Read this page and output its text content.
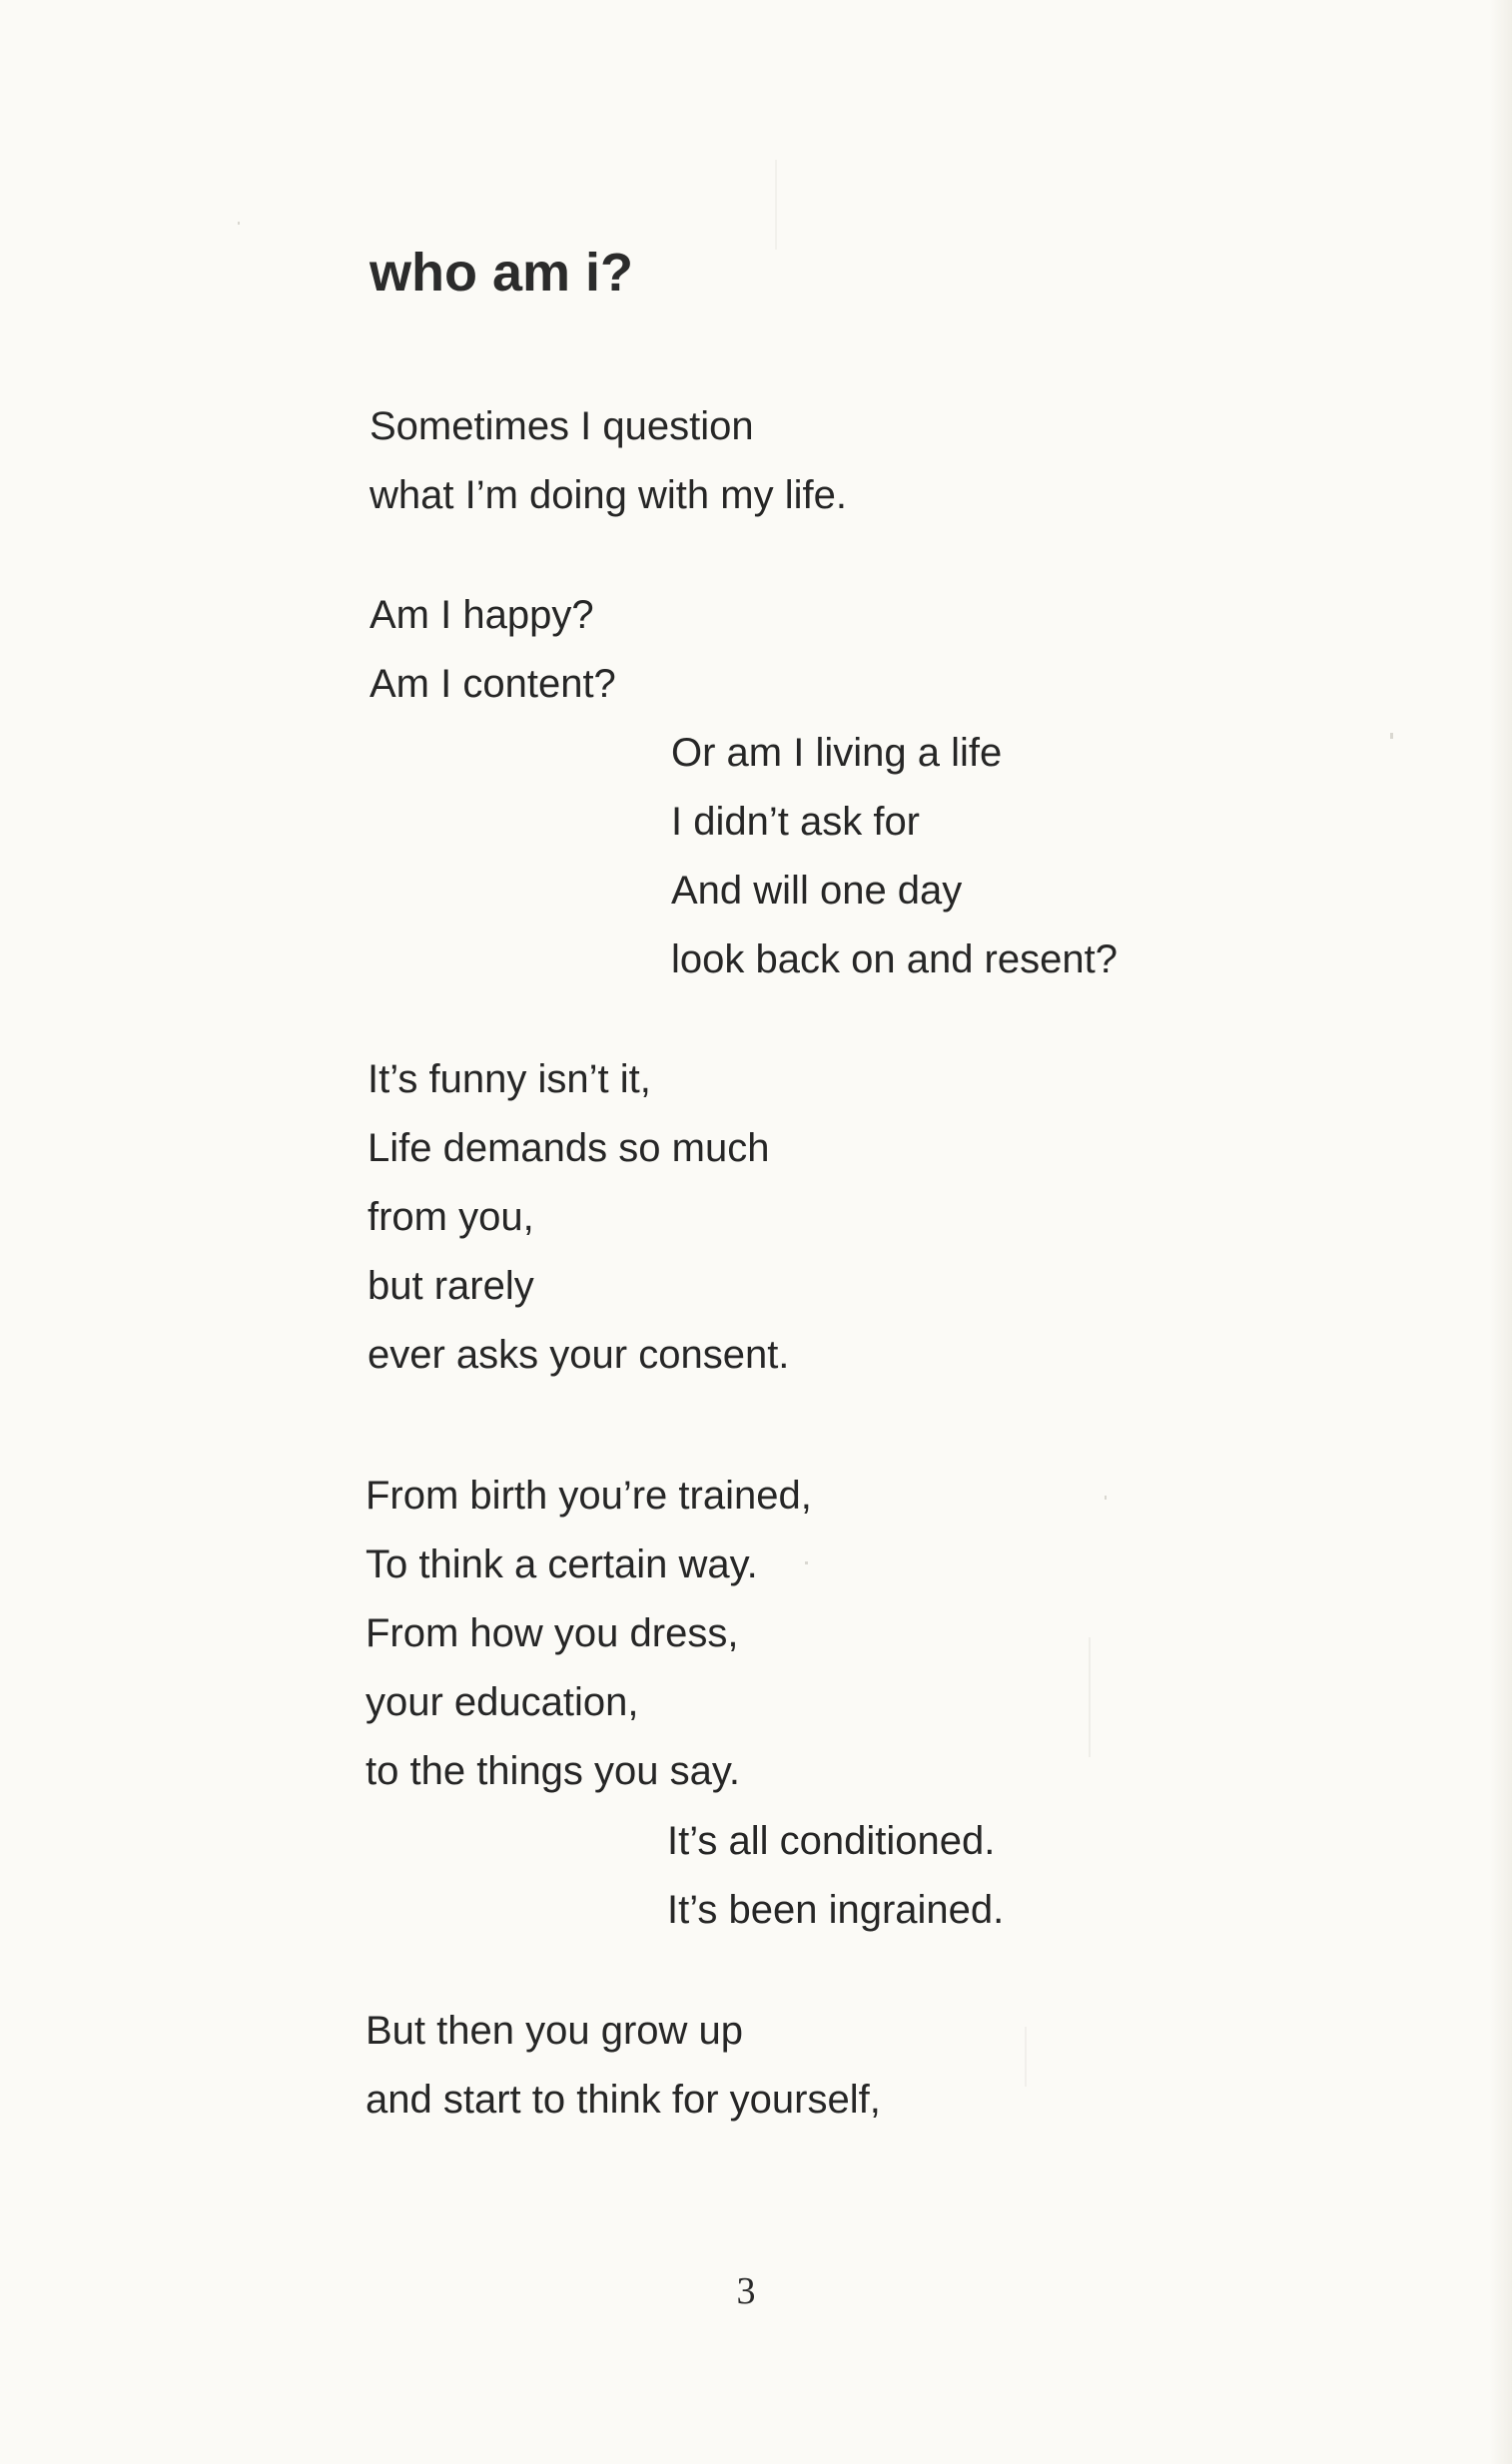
who am i?
Sometimes I question
what I’m doing with my life.
Am I happy?
Am I content?
Or am I living a life
I didn’t ask for
And will one day
look back on and resent?
It’s funny isn’t it,
Life demands so much
from you,
but rarely
ever asks your consent.
From birth you’re trained,
To think a certain way.
From how you dress,
your education,
to the things you say.
It’s all conditioned.
It’s been ingrained.
But then you grow up
and start to think for yourself,
3
